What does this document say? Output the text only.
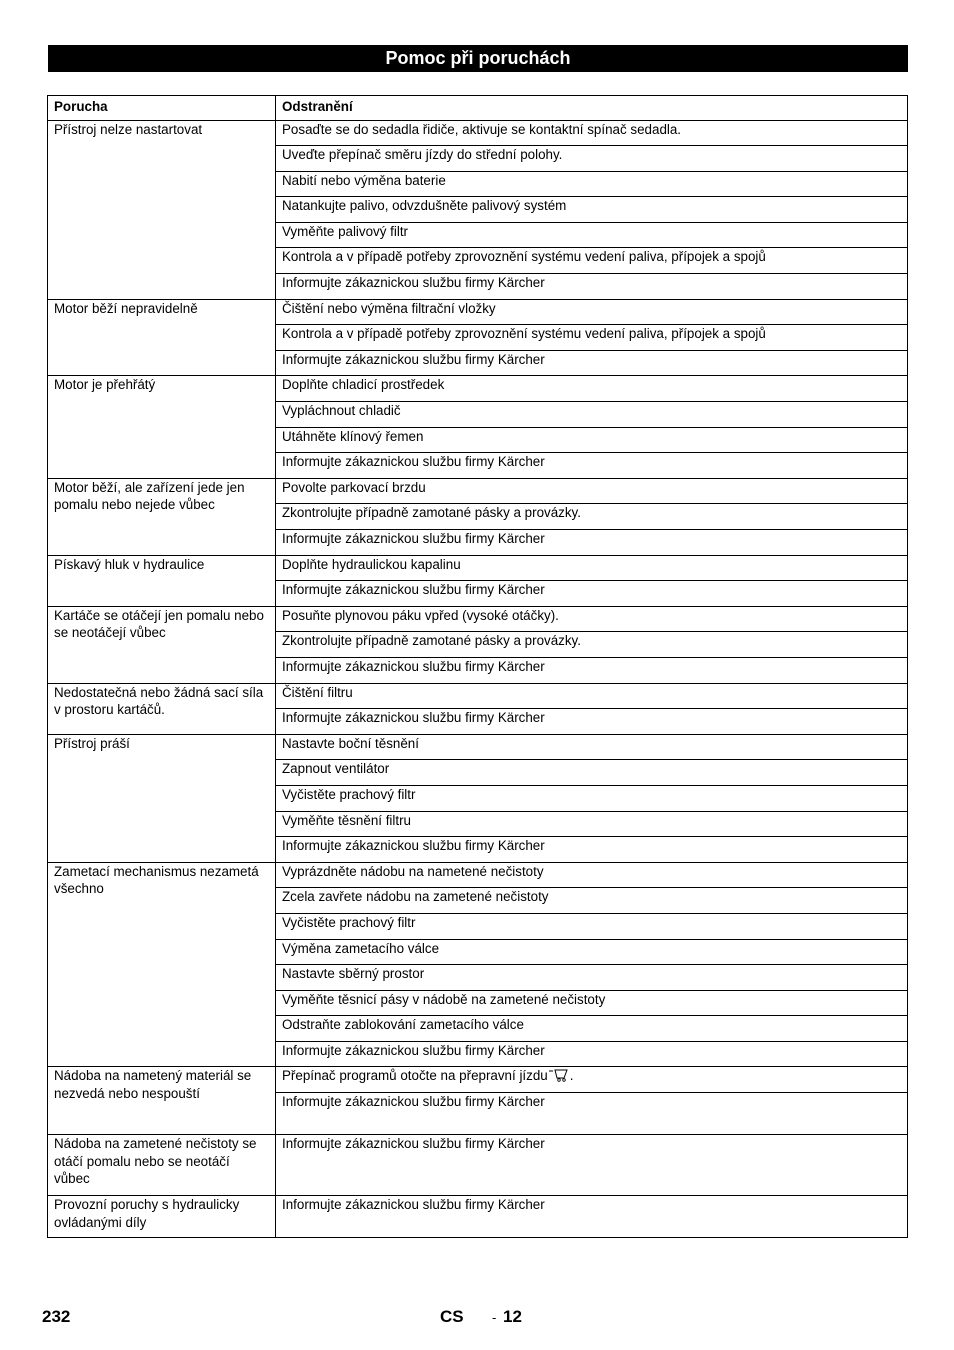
Pomoc při poruchách
Porucha	Odstranění
Přístroj nelze nastartovat	Posaďte se do sedadla řidiče, aktivuje se kontaktní spínač sedadla.
	Uveďte přepínač směru jízdy do střední polohy.
	Nabití nebo výměna baterie
	Natankujte palivo, odvzdušněte palivový systém
	Vyměňte palivový filtr
	Kontrola a v případě potřeby zprovoznění systému vedení paliva, přípojek a spojů
	Informujte zákaznickou službu firmy Kärcher
Motor běží nepravidelně	Čištění nebo výměna filtrační vložky
	Kontrola a v případě potřeby zprovoznění systému vedení paliva, přípojek a spojů
	Informujte zákaznickou službu firmy Kärcher
Motor je přehřátý	Doplňte chladicí prostředek
	Vypláchnout chladič
	Utáhněte klínový řemen
	Informujte zákaznickou službu firmy Kärcher
Motor běží, ale zařízení jede jen pomalu nebo nejede vůbec	Povolte parkovací brzdu
	Zkontrolujte případně zamotané pásky a provázky.
	Informujte zákaznickou službu firmy Kärcher
Pískavý hluk v hydraulice	Doplňte hydraulickou kapalinu
	Informujte zákaznickou službu firmy Kärcher
Kartáče se otáčejí jen pomalu nebo se neotáčejí vůbec	Posuňte plynovou páku vpřed (vysoké otáčky).
	Zkontrolujte případně zamotané pásky a provázky.
	Informujte zákaznickou službu firmy Kärcher
Nedostatečná nebo žádná sací síla v prostoru kartáčů.	Čištění filtru
	Informujte zákaznickou službu firmy Kärcher
Přístroj práší	Nastavte boční těsnění
	Zapnout ventilátor
	Vyčistěte prachový filtr
	Vyměňte těsnění filtru
	Informujte zákaznickou službu firmy Kärcher
Zametací mechanismus nezametá všechno	Vyprázdněte nádobu na nametené nečistoty
	Zcela zavřete nádobu na zametené nečistoty
	Vyčistěte prachový filtr
	Výměna zametacího válce
	Nastavte sběrný prostor
	Vyměňte těsnicí pásy v nádobě na zametené nečistoty
	Odstraňte zablokování zametacího válce
	Informujte zákaznickou službu firmy Kärcher
Nádoba na nametený materiál se nezvedá nebo nespouští	Přepínač programů otočte na přepravní jízdu .
	Informujte zákaznickou službu firmy Kärcher
Nádoba na zametené nečistoty se otáčí pomalu nebo se neotáčí vůbec	Informujte zákaznickou službu firmy Kärcher
Provozní poruchy s hydraulicky ovládanými díly	Informujte zákaznickou službu firmy Kärcher
232	CS - 12
